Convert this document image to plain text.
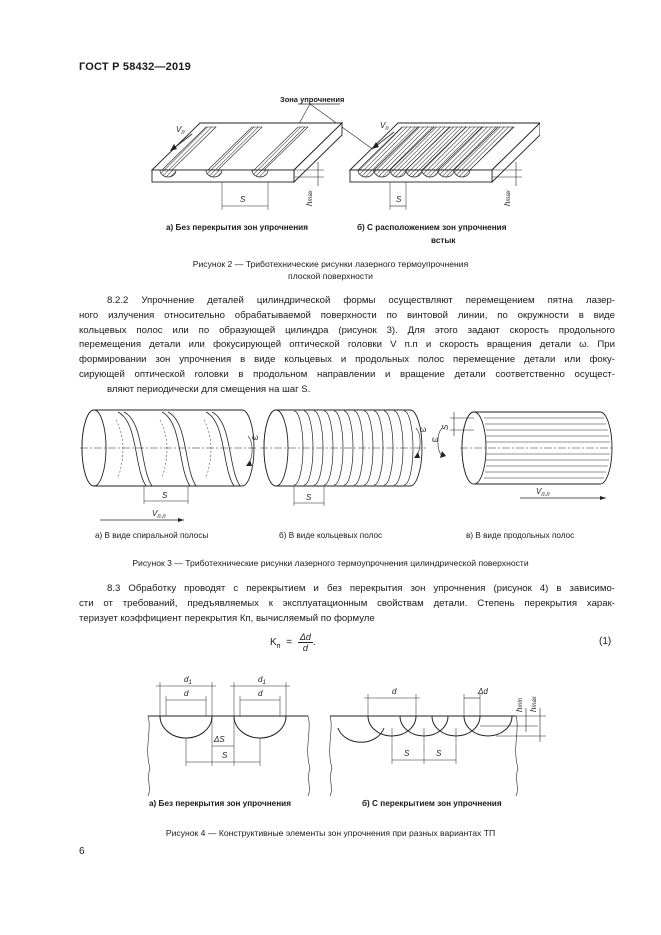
ГОСТ Р 58432—2019
Зона упрочнения
$V_п$
S	hmax
$V_п$
S	hmax
а) Без перекрытия зон упрочнения	б) С расположением зон упрочнения
встык
Рисунок 2 — Триботехнические рисунки лазерного термоупрочнения
плоской поверхности
8.2.2 Упрочнение деталей цилиндрической формы осуществляют перемещением пятна лазер-
ного излучения относительно обрабатываемой поверхности по винтовой линии, по окружности в виде
кольцевых полос или по образующей цилиндра (рисунок 3). Для этого задают скорость продольного
перемещения детали или фокусирующей оптической головки V п.п и скорость вращения детали ω. При
формировании зон упрочнения в виде кольцевых и продольных полос перемещение детали или фоку-
сирующей оптической головки в продольном направлении и вращение детали соответственно осущест-
вляют периодически для смещения на шаг S.
ω
S
$V_{п.п}$
ω
S
S
ω
$V_{п.п}$
а) В виде спиральной полосы	б) В виде кольцевых полос	в) В виде продольных полос
Рисунок 3 — Триботехнические рисунки лазерного термоупрочнения цилиндрической поверхности
8.3 Обработку проводят с перекрытием и без перекрытия зон упрочнения (рисунок 4) в зависимо-
сти от требований, предъявляемых к эксплуатационным свойствам детали. Степень перекрытия харак-
теризует коэффициент перекрытия Кп, вычисляемый по формуле
$K_п = \frac{\Delta d}{d}$ .	(1)
$d_1$	$d_1$
d	d
ΔS
S
d	Δd
S	S
hmin
hmax
а) Без перекрытия зон упрочнения	б) С перекрытием зон упрочнения
Рисунок 4 — Конструктивные элементы зон упрочнения при разных вариантах ТП
6
